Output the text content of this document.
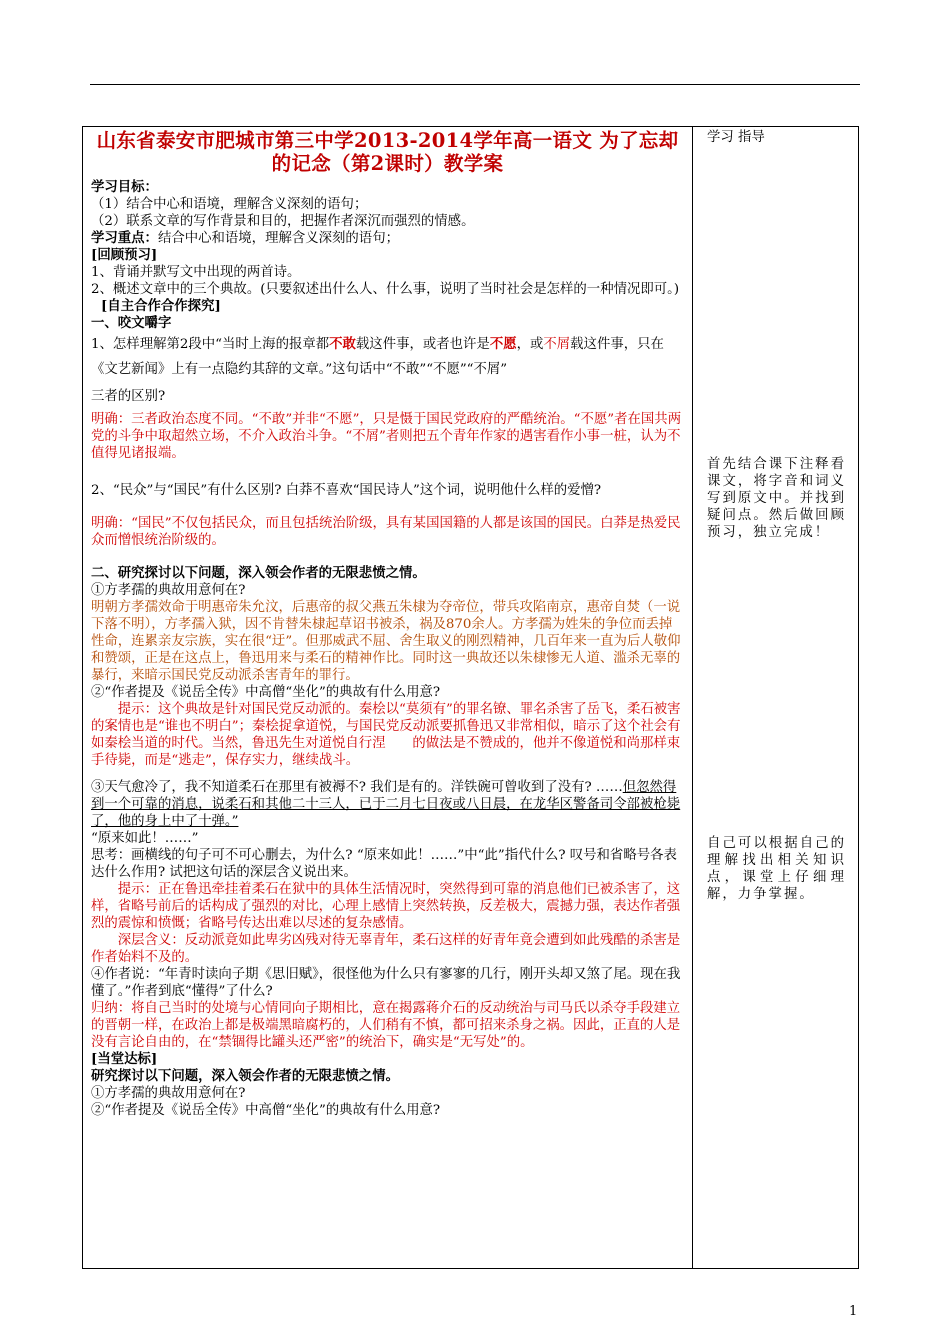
山东省泰安市肥城市第三中学2013-2014学年高一语文 为了忘却的记念（第2课时）教学案

学习目标：

（1）结合中心和语境，理解含义深刻的语句；

（2）联系文章的写作背景和目的，把握作者深沉而强烈的情感。

学习重点：结合中心和语境，理解含义深刻的语句；

[回顾预习]

1、背诵并默写文中出现的两首诗。

2、概述文章中的三个典故。(只要叙述出什么人、什么事，说明了当时社会是怎样的一种情况即可。)

[自主合作合作探究]

一、咬文嚼字

1、怎样理解第2段中“当时上海的报章都不敢载这件事，或者也许是不愿，或不屑载这件事，只在《文艺新闻》上有一点隐约其辞的文章。”这句话中“不敢”“不愿”“不屑”

三者的区别?

明确：三者政治态度不同。“不敢”并非“不愿”，只是慑于国民党政府的严酷统治。“不愿”者在国共两党的斗争中取超然立场，不介入政治斗争。“不屑”者则把五个青年作家的遇害看作小事一桩，认为不值得见诸报端。

2、“民众”与“国民”有什么区别? 白莽不喜欢“国民诗人”这个词，说明他什么样的爱憎?

明确：“国民”不仅包括民众，而且包括统治阶级，具有某国国籍的人都是该国的国民。白莽是热爱民众而憎恨统治阶级的。

二、研究探讨以下问题，深入领会作者的无限悲愤之情。

①方孝孺的典故用意何在?

明朝方孝孺效命于明惠帝朱允汶，后惠帝的叔父燕五朱棣为夺帝位，带兵攻陷南京，惠帝自焚（一说下落不明），方孝孺入狱，因不肯替朱棣起草诏书被杀，祸及870余人。方孝孺为姓朱的争位而丢掉性命，连累亲友宗族，实在很“迂”。但那威武不屈、舍生取义的刚烈精神，几百年来一直为后人敬仰和赞颂，正是在这点上，鲁迅用来与柔石的精神作比。同时这一典故还以朱棣惨无人道、滥杀无辜的暴行，来暗示国民党反动派杀害青年的罪行。

②“作者提及《说岳全传》中高僧“坐化”的典故有什么用意?

提示：这个典故是针对国民党反动派的。秦桧以“莫须有”的罪名镣、罪名杀害了岳飞，柔石被害的案情也是“谁也不明白”；秦桧捉拿道悦，与国民党反动派要抓鲁迅又非常相似，暗示了这个社会有如秦桧当道的时代。当然，鲁迅先生对道悦自行涅　　的做法是不赞成的，他并不像道悦和尚那样束手待毙，而是“逃走”，保存实力，继续战斗。

③天气愈冷了，我不知道柔石在那里有被褥不? 我们是有的。洋铁碗可曾收到了没有? ……但忽然得到一个可靠的消息，说柔石和其他二十三人，已于二月七日夜或八日晨，在龙华区警备司令部被枪毙了，他的身上中了十弹。”

“原来如此！……”

思考：画横线的句子可不可心删去，为什么? “原来如此！……”中“此”指代什么? 叹号和省略号各表达什么作用? 试把这句话的深层含义说出来。

提示：正在鲁迅牵挂着柔石在狱中的具体生活情况时，突然得到可靠的消息他们已被杀害了，这样，省略号前后的话构成了强烈的对比，心理上感情上突然转换，反差极大，震撼力强，表达作者强烈的震惊和愤慨；省略号传达出难以尽述的复杂感情。

深层含义：反动派竟如此卑劣凶残对待无辜青年，柔石这样的好青年竟会遭到如此残酷的杀害是作者始料不及的。

④作者说：“年青时读向子期《思旧赋》，很怪他为什么只有寥寥的几行，刚开头却又煞了尾。现在我懂了。”作者到底“懂得”了什么?

归纳：将自己当时的处境与心情同向子期相比，意在揭露蒋介石的反动统治与司马氏以杀夺手段建立的晋朝一样，在政治上都是极端黑暗腐朽的，人们稍有不慎，都可招来杀身之祸。因此，正直的人是没有言论自由的，在“禁锢得比罐头还严密”的统治下，确实是“无写处”的。

[当堂达标]

研究探讨以下问题，深入领会作者的无限悲愤之情。

①方孝孺的典故用意何在?

②“作者提及《说岳全传》中高僧“坐化”的典故有什么用意?

学习 指导

首先结合课下注释看课文，将字音和词义写到原文中。并找到疑问点。然后做回顾预习，独立完成！

自己可以根据自己的理解找出相关知识点，课堂上仔细理解，力争掌握。

1
